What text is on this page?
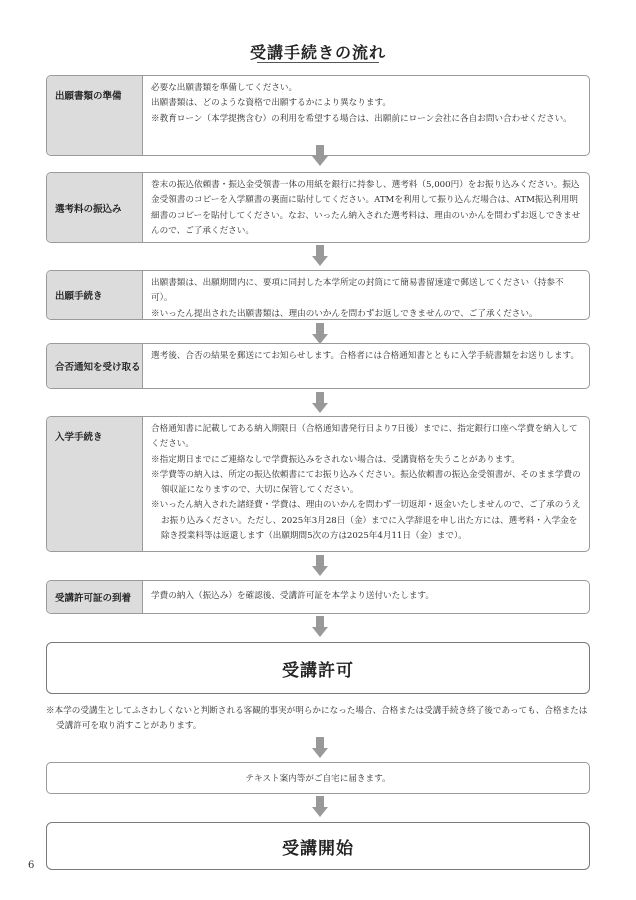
受講手続きの流れ
出願書類の準備

必要な出願書類を準備してください。

出願書類は、どのような資格で出願するかにより異なります。

※教育ローン（本学提携含む）の利用を希望する場合は、出願前にローン会社に各自お問い合わせください。

選考料の振込み

巻末の振込依頼書・振込金受領書一体の用紙を銀行に持参し、選考料（5,000円）をお振り込みください。振込金受領書のコピーを入学願書の裏面に貼付してください。ATMを利用して振り込んだ場合は、ATM振込利用明細書のコピーを貼付してください。なお、いったん納入された選考料は、理由のいかんを問わずお返しできませんので、ご了承ください。

出願手続き

出願書類は、出願期間内に、要項に同封した本学所定の封筒にて簡易書留速達で郵送してください（持参不可）。

※いったん提出された出願書類は、理由のいかんを問わずお返しできませんので、ご了承ください。

合否通知を受け取る

選考後、合否の結果を郵送にてお知らせします。合格者には合格通知書とともに入学手続書類をお送りします。

入学手続き

合格通知書に記載してある納入期限日（合格通知書発行日より7日後）までに、指定銀行口座へ学費を納入してください。

※指定期日までにご連絡なしで学費振込みをされない場合は、受講資格を失うことがあります。

※学費等の納入は、所定の振込依頼書にてお振り込みください。振込依頼書の振込金受領書が、そのまま学費の領収証になりますので、大切に保管してください。

※いったん納入された諸経費・学費は、理由のいかんを問わず一切返却・返金いたしませんので、ご了承のうえお振り込みください。ただし、2025年3月28日（金）までに入学辞退を申し出た方には、選考料・入学金を除き授業料等は返還します（出願期間5次の方は2025年4月11日（金）まで）。

受講許可証の到着	学費の納入（振込み）を確認後、受講許可証を本学より送付いたします。

受講許可

※本学の受講生としてふさわしくないと判断される客観的事実が明らかになった場合、合格または受講手続き終了後であっても、合格または受講許可を取り消すことがあります。

テキスト案内等がご自宅に届きます。
受講開始
6
